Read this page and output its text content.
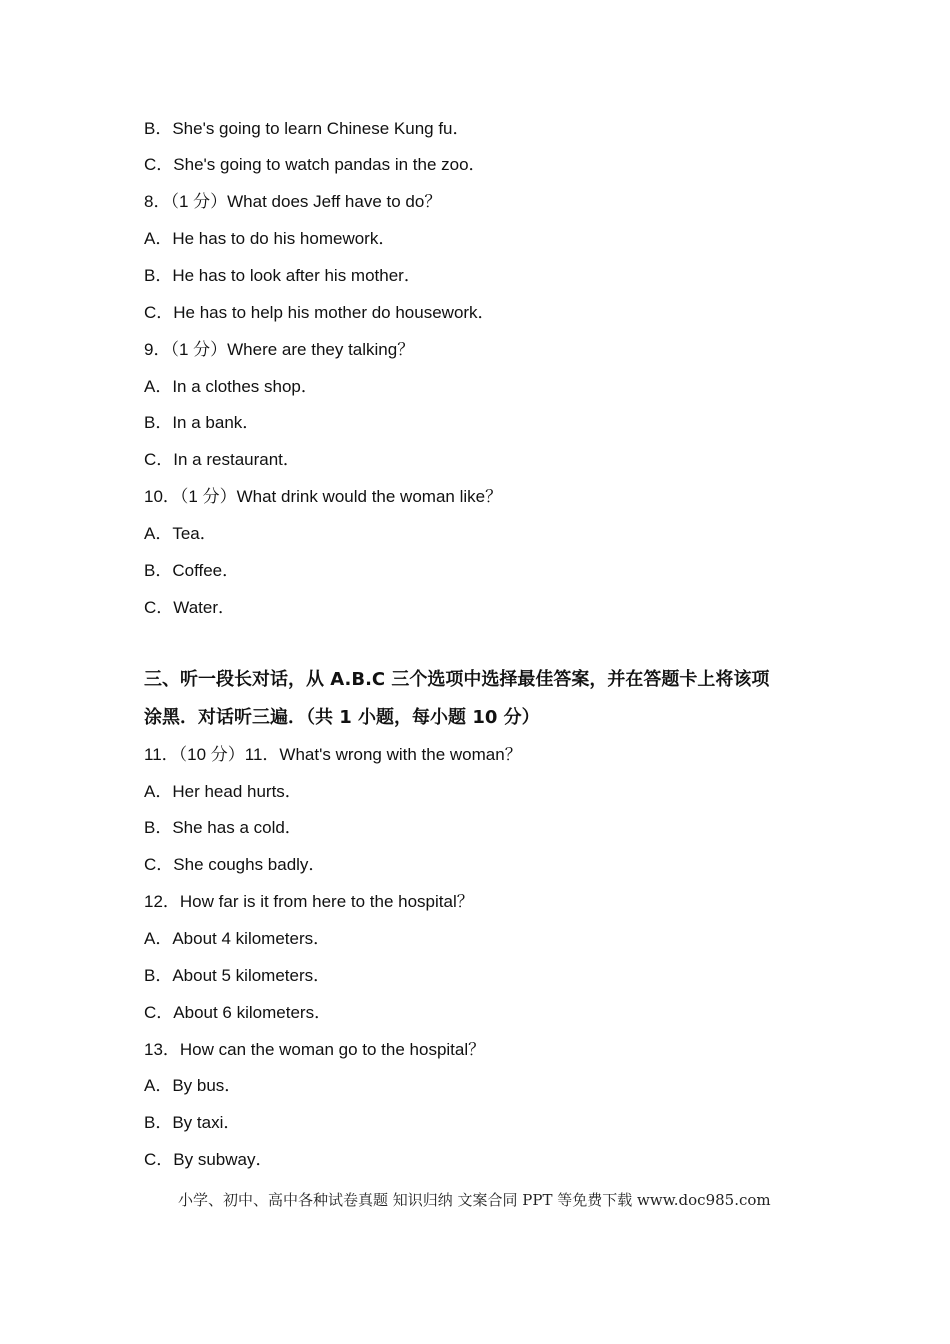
B．She's going to learn Chinese Kung fu．
C．She's going to watch pandas in the zoo．
8．（1 分）What does Jeff have to do？
A．He has to do his homework．
B．He has to look after his mother．
C．He has to help his mother do housework．
9．（1 分）Where are they talking？
A．In a clothes shop．
B．In a bank．
C．In a restaurant．
10．（1 分）What drink would the woman like？
A．Tea．
B．Coffee．
C．Water．
三、听一段长对话，从 A.B.C 三个选项中选择最佳答案，并在答题卡上将该项
涂黑．对话听三遍．（共 1 小题，每小题 10 分）
11．（10 分）11．What's wrong with the woman？
A．Her head hurts．
B．She has a cold．
C．She coughs badly．
12．How far is it from here to the hospital？
A．About 4 kilometers．
B．About 5 kilometers．
C．About 6 kilometers．
13．How can the woman go to the hospital？
A．By bus．
B．By taxi．
C．By subway．
小学、初中、高中各种试卷真题 知识归纳 文案合同 PPT 等免费下载 www.doc985.com
